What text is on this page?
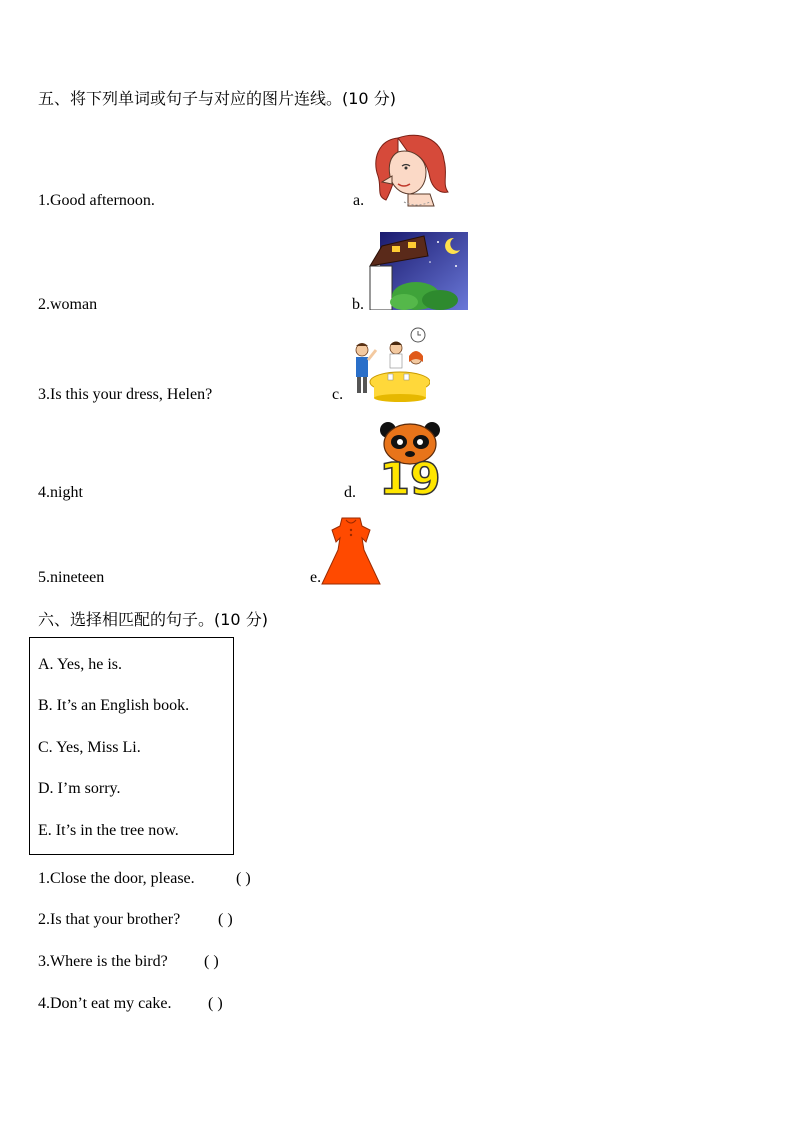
五、将下列单词或句子与对应的图片连线。(10 分)
1.Good afternoon.	a.
2.woman	b.
3.Is this your dress, Helen?	c.
4.night	d. 19
5.nineteen	e.
六、选择相匹配的句子。(10 分)
A. Yes, he is.
B. It’s an English book.
C. Yes, Miss Li.
D. I’m sorry.
E. It’s in the tree now.
1.Close the door, please.	( )
2.Is that your brother? ( )
3.Where is the bird? ( )
4.Don’t eat my cake. ( )
